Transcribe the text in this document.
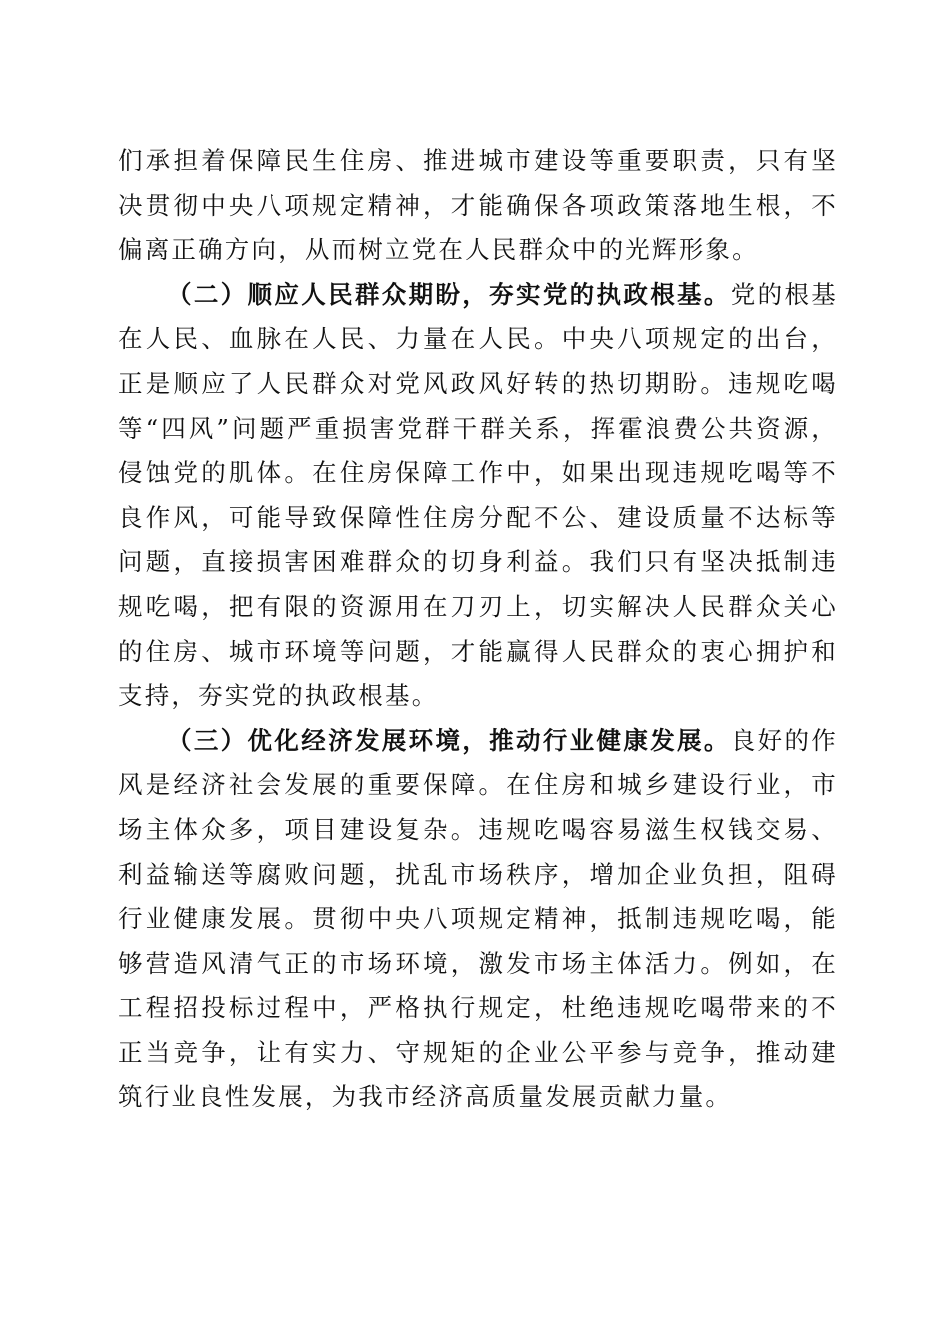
们承担着保障民生住房、推进城市建设等重要职责，只有坚决贯彻中央八项规定精神，才能确保各项政策落地生根，不偏离正确方向，从而树立党在人民群众中的光辉形象。

（二）顺应人民群众期盼，夯实党的执政根基。党的根基在人民、血脉在人民、力量在人民。中央八项规定的出台，正是顺应了人民群众对党风政风好转的热切期盼。违规吃喝等“四风”问题严重损害党群干群关系，挥霍浪费公共资源，侵蚀党的肌体。在住房保障工作中，如果出现违规吃喝等不良作风，可能导致保障性住房分配不公、建设质量不达标等问题，直接损害困难群众的切身利益。我们只有坚决抵制违规吃喝，把有限的资源用在刀刃上，切实解决人民群众关心的住房、城市环境等问题，才能赢得人民群众的衷心拥护和支持，夯实党的执政根基。

（三）优化经济发展环境，推动行业健康发展。良好的作风是经济社会发展的重要保障。在住房和城乡建设行业，市场主体众多，项目建设复杂。违规吃喝容易滋生权钱交易、利益输送等腐败问题，扰乱市场秩序，增加企业负担，阻碍行业健康发展。贯彻中央八项规定精神，抵制违规吃喝，能够营造风清气正的市场环境，激发市场主体活力。例如，在工程招投标过程中，严格执行规定，杜绝违规吃喝带来的不正当竞争，让有实力、守规矩的企业公平参与竞争，推动建筑行业良性发展，为我市经济高质量发展贡献力量。
